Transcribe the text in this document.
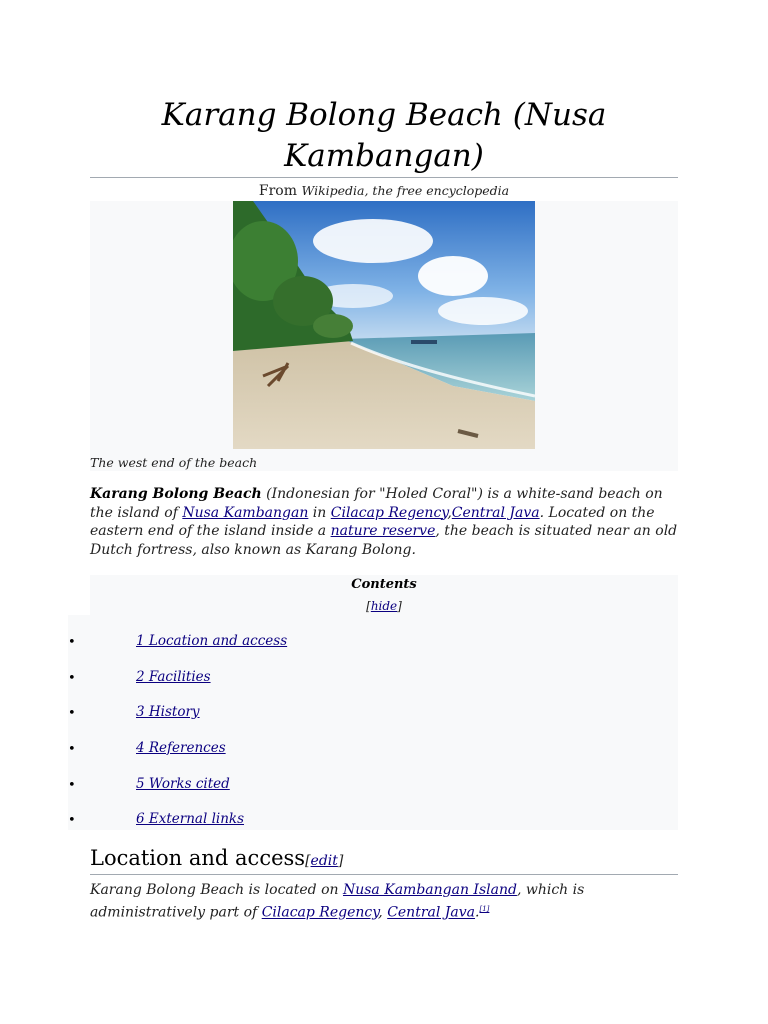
Karang Bolong Beach (Nusa Kambangan)
From Wikipedia, the free encyclopedia
The west end of the beach

Karang Bolong Beach (Indonesian for "Holed Coral") is a white-sand beach on the island of Nusa Kambangan in Cilacap Regency,Central Java. Located on the eastern end of the island inside a nature reserve, the beach is situated near an old Dutch fortress, also known as Karang Bolong.

Contents
[hide]
•	1 Location and access
•	2 Facilities
•	3 History
•	4 References
•	5 Works cited
•	6 External links
Location and access[edit]

Karang Bolong Beach is located on Nusa Kambangan Island, which is administratively part of Cilacap Regency, Central Java.[1]
